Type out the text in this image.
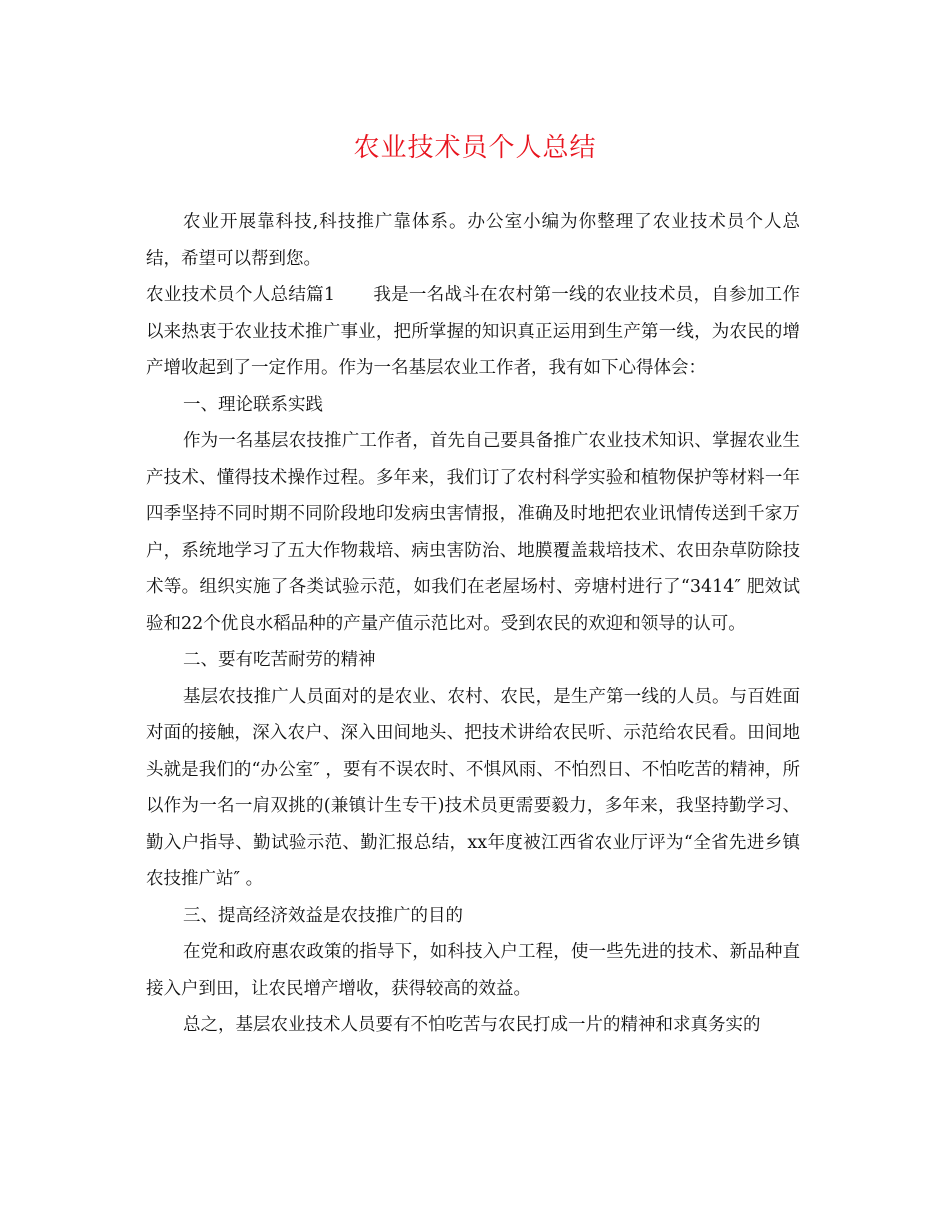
农业技术员个人总结

农业开展靠科技,科技推广靠体系。办公室小编为你整理了农业技术员个人总结，希望可以帮到您。

农业技术员个人总结篇1 我是一名战斗在农村第一线的农业技术员，自参加工作以来热衷于农业技术推广事业，把所掌握的知识真正运用到生产第一线，为农民的增产增收起到了一定作用。作为一名基层农业工作者，我有如下心得体会：

一、理论联系实践

作为一名基层农技推广工作者，首先自己要具备推广农业技术知识、掌握农业生产技术、懂得技术操作过程。多年来，我们订了农村科学实验和植物保护等材料一年四季坚持不同时期不同阶段地印发病虫害情报，准确及时地把农业讯情传送到千家万户，系统地学习了五大作物栽培、病虫害防治、地膜覆盖栽培技术、农田杂草防除技术等。组织实施了各类试验示范，如我们在老屋场村、旁塘村进行了“3414″ 肥效试验和22个优良水稻品种的产量产值示范比对。受到农民的欢迎和领导的认可。

二、要有吃苦耐劳的精神

基层农技推广人员面对的是农业、农村、农民，是生产第一线的人员。与百姓面对面的接触，深入农户、深入田间地头、把技术讲给农民听、示范给农民看。田间地头就是我们的“办公室″ ，要有不误农时、不惧风雨、不怕烈日、不怕吃苦的精神，所以作为一名一肩双挑的(兼镇计生专干)技术员更需要毅力，多年来，我坚持勤学习、勤入户指导、勤试验示范、勤汇报总结，xx年度被江西省农业厅评为“全省先进乡镇农技推广站″ 。

三、提高经济效益是农技推广的目的

在党和政府惠农政策的指导下，如科技入户工程，使一些先进的技术、新品种直接入户到田，让农民增产增收，获得较高的效益。

总之，基层农业技术人员要有不怕吃苦与农民打成一片的精神和求真务实的
